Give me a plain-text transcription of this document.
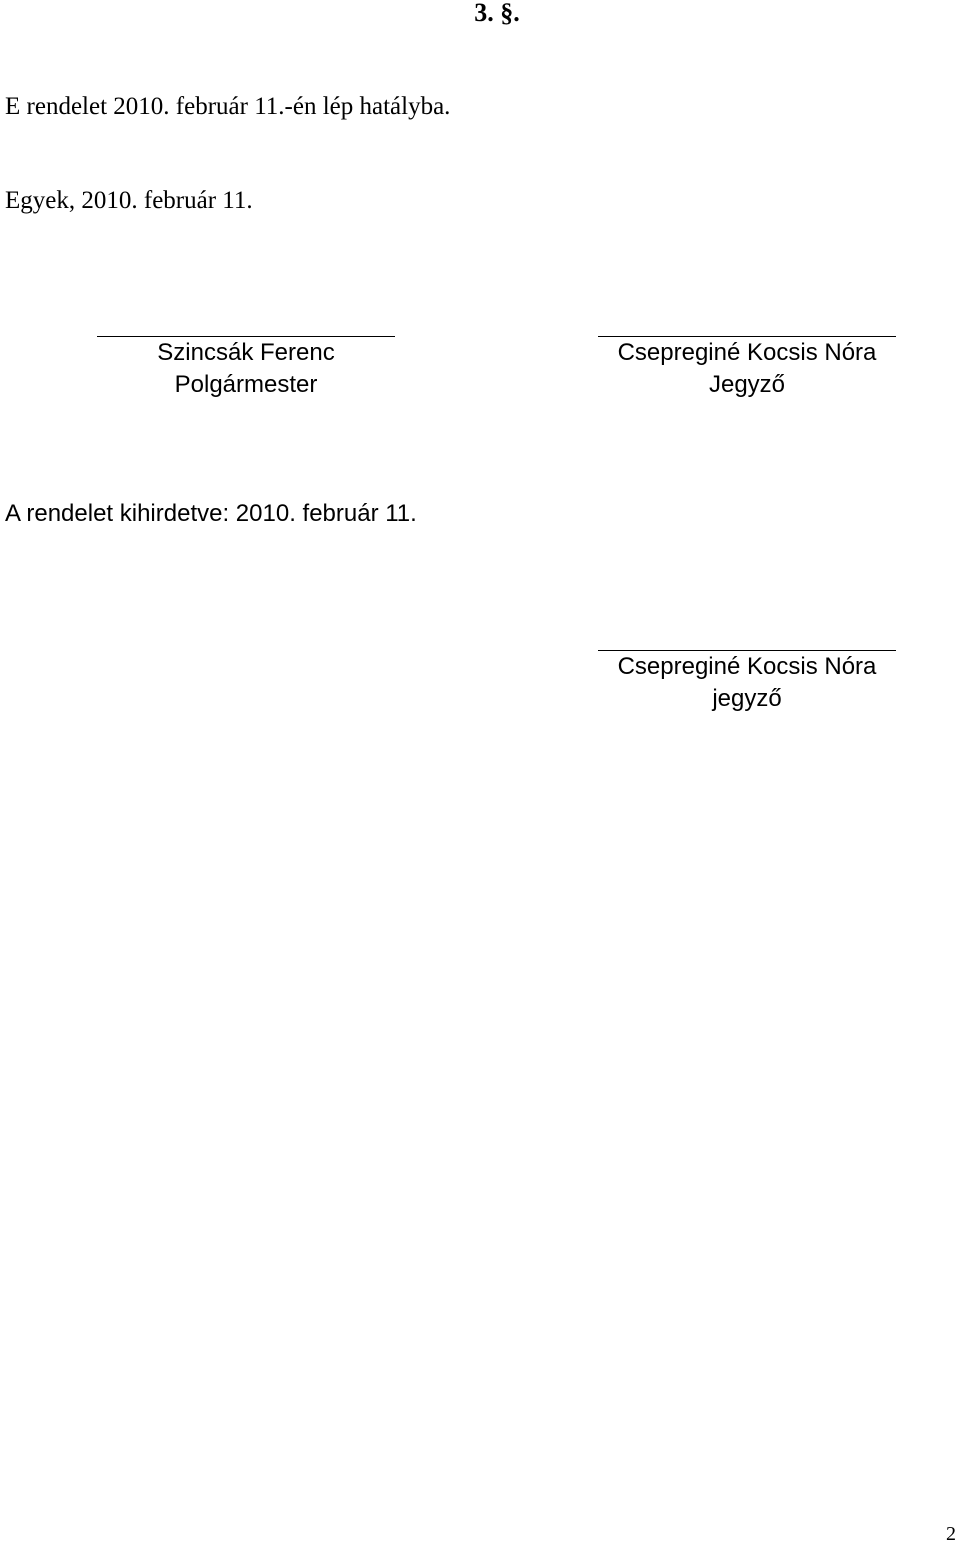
3. §.
E rendelet 2010. február 11.-én lép hatályba.
Egyek, 2010. február 11.
Szincsák Ferenc
Polgármester
Csepreginé Kocsis Nóra
Jegyző
A rendelet kihirdetve: 2010. február 11.
Csepreginé Kocsis Nóra
jegyző
2
